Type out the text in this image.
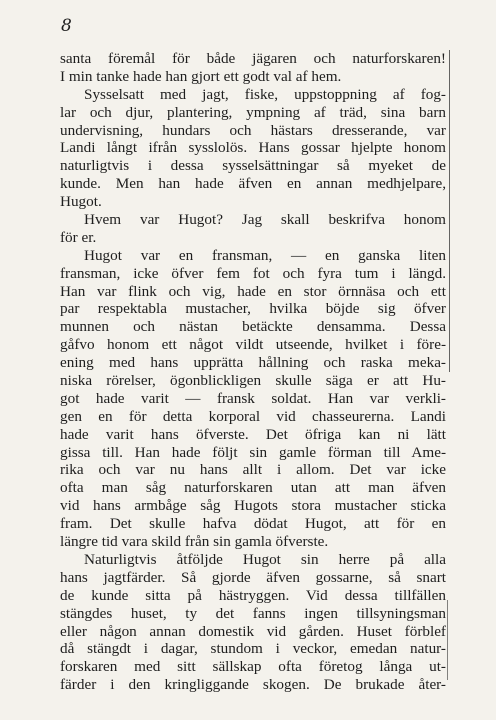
8
santa föremål för både jägaren och naturforskaren!
I min tanke hade han gjort ett godt val af hem.
Sysselsatt med jagt, fiske, uppstoppning af fog-
lar och djur, plantering, ympning af träd, sina barn
undervisning, hundars och hästars dresserande, var
Landi långt ifrån sysslolös. Hans gossar hjelpte honom
naturligtvis i dessa sysselsättningar så myeket de
kunde. Men han hade äfven en annan medhjelpare,
Hugot.
Hvem var Hugot? Jag skall beskrifva honom
för er.
Hugot var en fransman, — en ganska liten
fransman, icke öfver fem fot och fyra tum i längd.
Han var flink och vig, hade en stor örnnäsa och ett
par respektabla mustacher, hvilka böjde sig öfver
munnen och nästan betäckte densamma. Dessa
gåfvo honom ett något vildt utseende, hvilket i före-
ening med hans upprätta hållning och raska meka-
niska rörelser, ögonblickligen skulle säga er att Hu-
got hade varit — fransk soldat. Han var verkli-
gen en för detta korporal vid chasseurerna. Landi
hade varit hans öfverste. Det öfriga kan ni lätt
gissa till. Han hade följt sin gamle förman till Ame-
rika och var nu hans allt i allom. Det var icke
ofta man såg naturforskaren utan att man äfven
vid hans armbåge såg Hugots stora mustacher sticka
fram. Det skulle hafva dödat Hugot, att för en
längre tid vara skild från sin gamla öfverste.
Naturligtvis åtföljde Hugot sin herre på alla
hans jagtfärder. Så gjorde äfven gossarne, så snart
de kunde sitta på hästryggen. Vid dessa tillfällen
stängdes huset, ty det fanns ingen tillsyningsman
eller någon annan domestik vid gården. Huset förblef
då stängdt i dagar, stundom i veckor, emedan natur-
forskaren med sitt sällskap ofta företog långa ut-
färder i den kringliggande skogen. De brukade åter-
